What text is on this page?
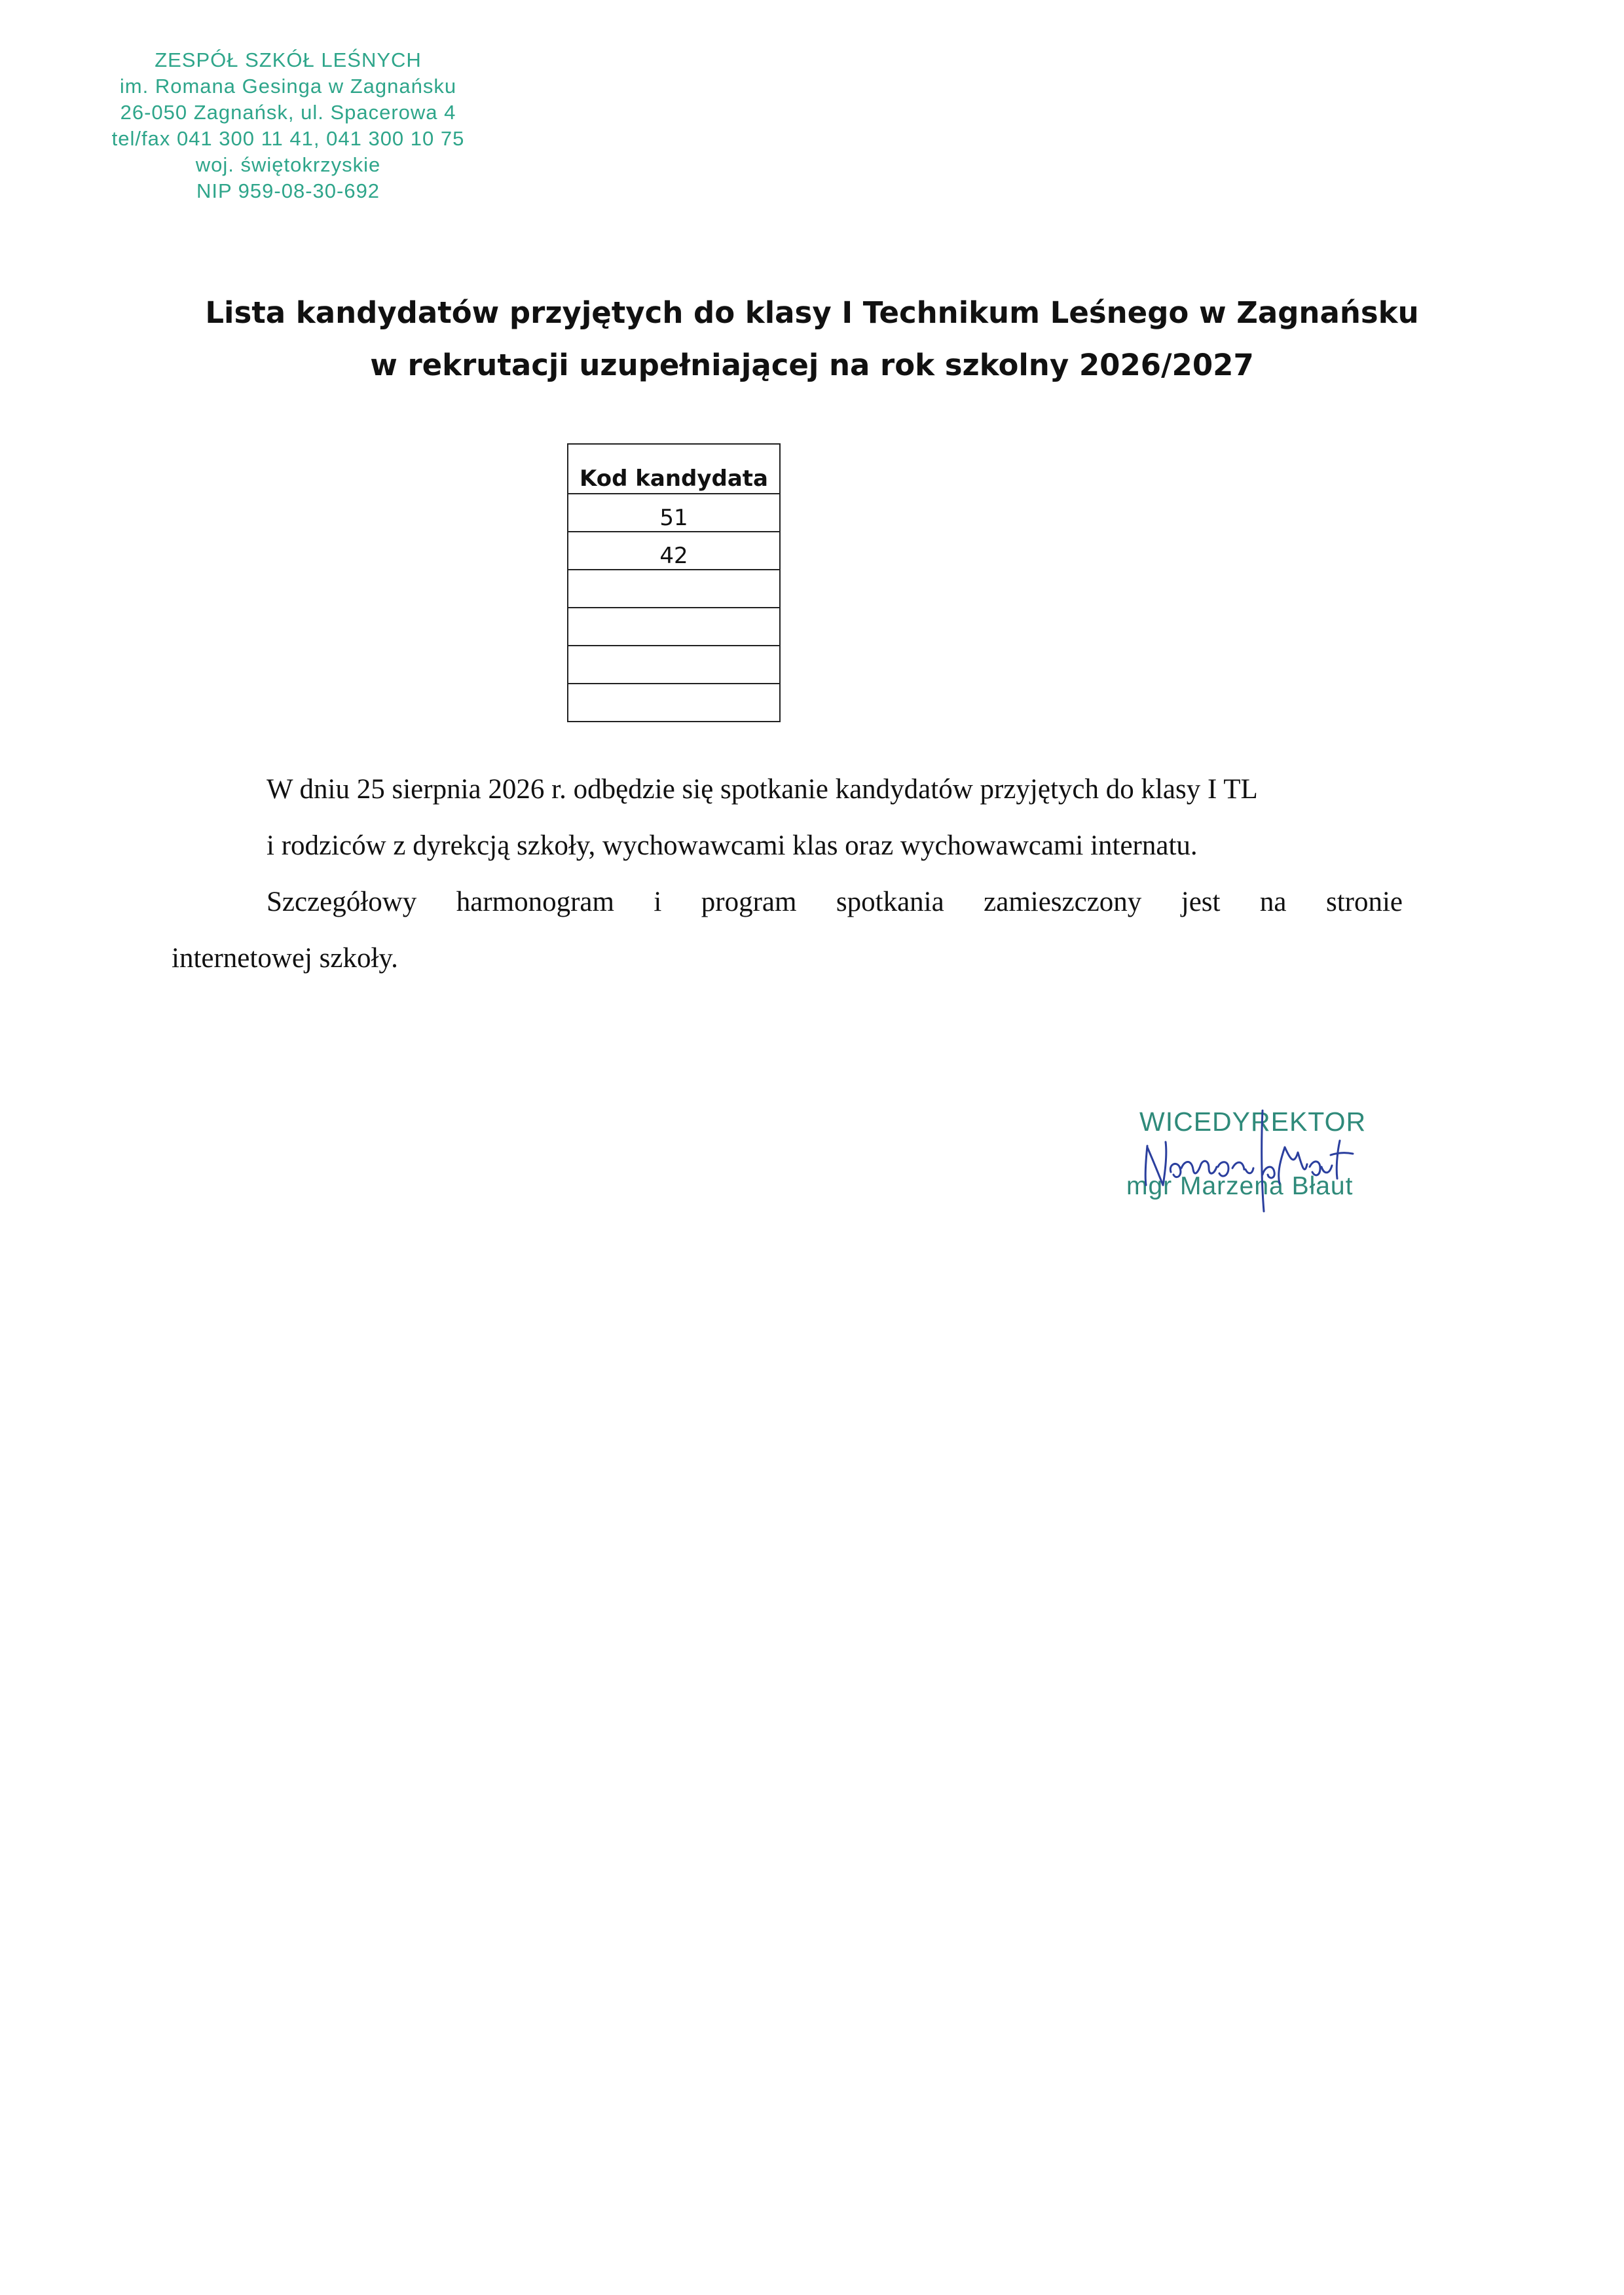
ZESPÓŁ SZKÓŁ LEŚNYCH
im. Romana Gesinga w Zagnańsku
26-050 Zagnańsk, ul. Spacerowa 4
tel/fax 041 300 11 41, 041 300 10 75
woj. świętokrzyskie
NIP 959-08-30-692
Lista kandydatów przyjętych do klasy I Technikum Leśnego w Zagnańsku
w rekrutacji uzupełniającej na rok szkolny 2026/2027
Kod kandydata
51
42

W dniu 25 sierpnia 2026 r. odbędzie się spotkanie kandydatów przyjętych do klasy I TL
i rodziców z dyrekcją szkoły, wychowawcami klas oraz wychowawcami internatu.

Szczegółowy harmonogram i program spotkania zamieszczony jest na stronie

internetowej szkoły.

WICEDYREKTOR
mgr Marzena Błaut
